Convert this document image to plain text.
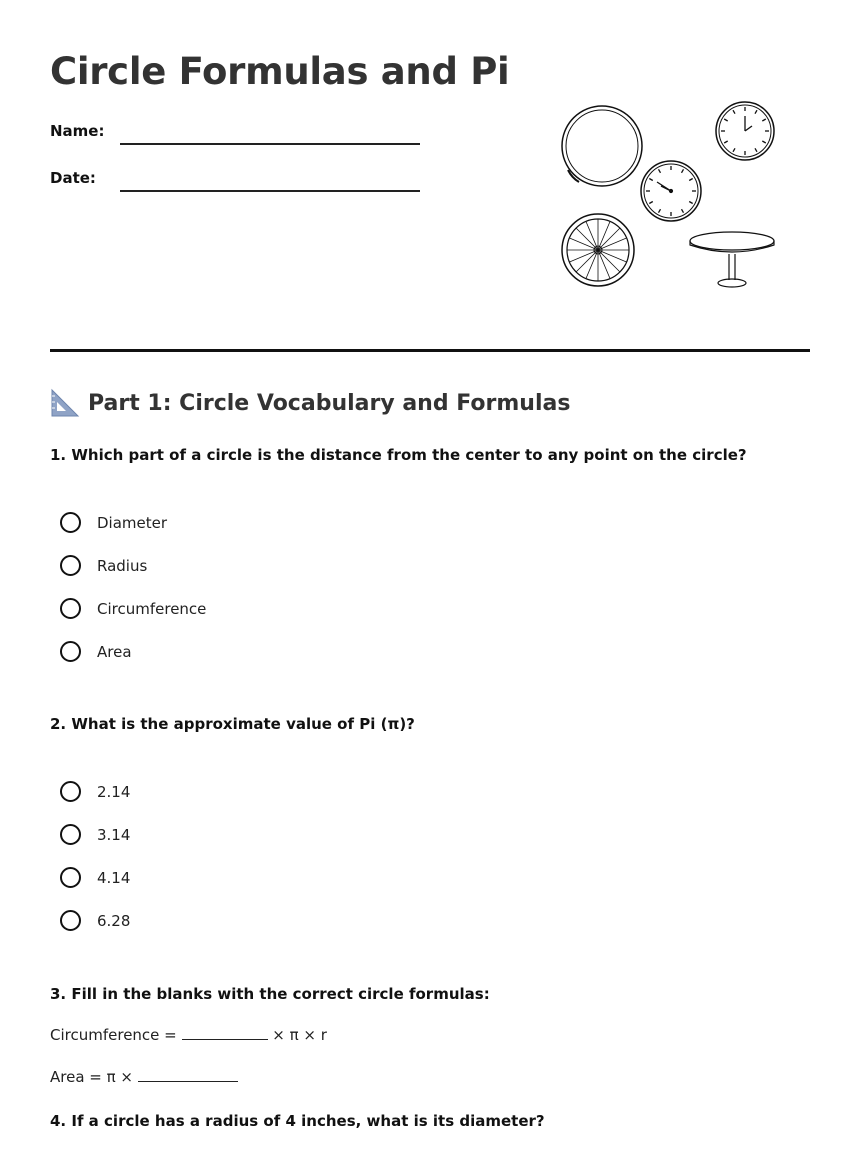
Circle Formulas and Pi
Name:
Date:
Part 1: Circle Vocabulary and Formulas

1. Which part of a circle is the distance from the center to any point on the circle?

Diameter
Radius
Circumference
Area

2. What is the approximate value of Pi (π)?

2.14
3.14
4.14
6.28

3. Fill in the blanks with the correct circle formulas:

Circumference =	× π × r
Area = π ×

4. If a circle has a radius of 4 inches, what is its diameter?
